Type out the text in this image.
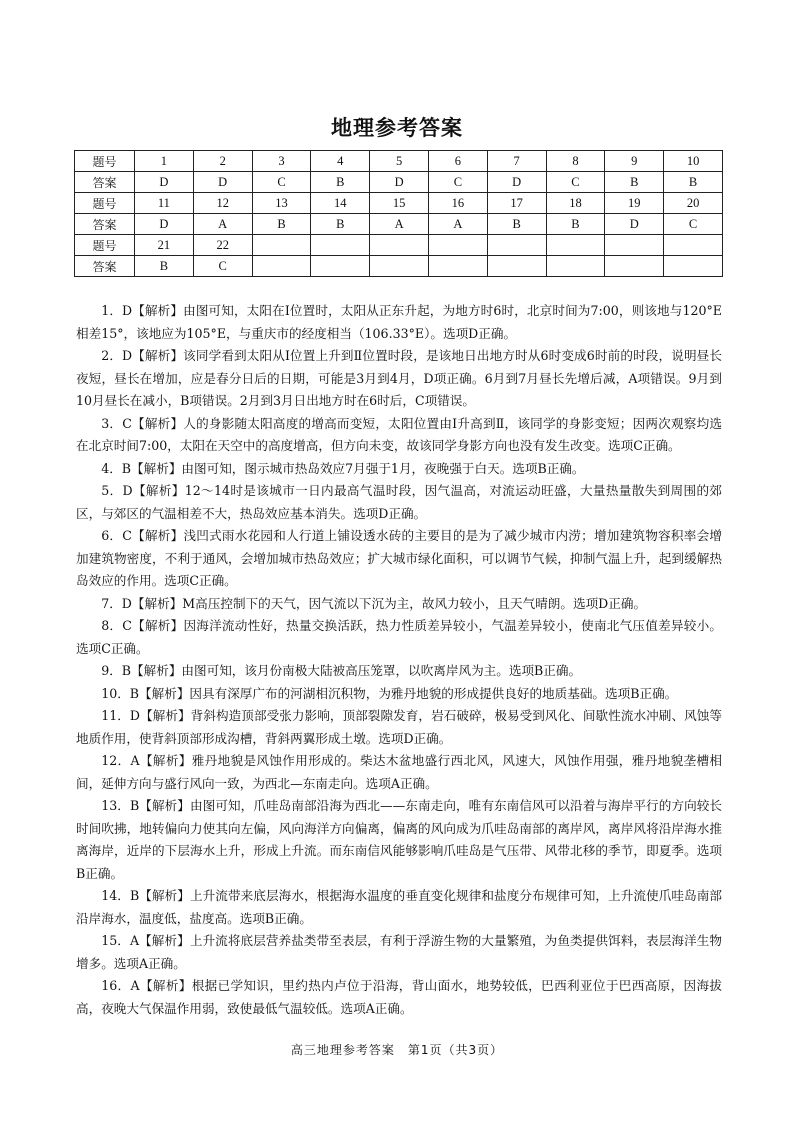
地理参考答案
题号	1	2	3	4	5	6	7	8	9	10
答案	D	D	C	B	D	C	D	C	B	B
题号	11	12	13	14	15	16	17	18	19	20
答案	D	A	B	B	A	A	B	B	D	C
题号	21	22								
答案	B	C								

1．D【解析】由图可知，太阳在Ⅰ位置时，太阳从正东升起，为地方时6时，北京时间为7:00，则该地与120°E相差15°，该地应为105°E，与重庆市的经度相当（106.33°E）。选项D正确。

2．D【解析】该同学看到太阳从Ⅰ位置上升到Ⅱ位置时段，是该地日出地方时从6时变成6时前的时段，说明昼长夜短，昼长在增加，应是春分日后的日期，可能是3月到4月，D项正确。6月到7月昼长先增后减，A项错误。9月到10月昼长在减小，B项错误。2月到3月日出地方时在6时后，C项错误。

3．C【解析】人的身影随太阳高度的增高而变短，太阳位置由Ⅰ升高到Ⅱ，该同学的身影变短；因两次观察均选在北京时间7:00，太阳在天空中的高度增高，但方向未变，故该同学身影方向也没有发生改变。选项C正确。

4．B【解析】由图可知，图示城市热岛效应7月强于1月，夜晚强于白天。选项B正确。

5．D【解析】12～14时是该城市一日内最高气温时段，因气温高，对流运动旺盛，大量热量散失到周围的郊区，与郊区的气温相差不大，热岛效应基本消失。选项D正确。

6．C【解析】浅凹式雨水花园和人行道上铺设透水砖的主要目的是为了减少城市内涝；增加建筑物容积率会增加建筑物密度，不利于通风，会增加城市热岛效应；扩大城市绿化面积，可以调节气候，抑制气温上升，起到缓解热岛效应的作用。选项C正确。

7．D【解析】M高压控制下的天气，因气流以下沉为主，故风力较小，且天气晴朗。选项D正确。

8．C【解析】因海洋流动性好，热量交换活跃，热力性质差异较小，气温差异较小，使南北气压值差异较小。选项C正确。

9．B【解析】由图可知，该月份南极大陆被高压笼罩，以吹离岸风为主。选项B正确。

10．B【解析】因具有深厚广布的河湖相沉积物，为雅丹地貌的形成提供良好的地质基础。选项B正确。

11．D【解析】背斜构造顶部受张力影响，顶部裂隙发育，岩石破碎，极易受到风化、间歇性流水冲刷、风蚀等地质作用，使背斜顶部形成沟槽，背斜两翼形成土墩。选项D正确。

12．A【解析】雅丹地貌是风蚀作用形成的。柴达木盆地盛行西北风，风速大，风蚀作用强，雅丹地貌垄槽相间，延伸方向与盛行风向一致，为西北—东南走向。选项A正确。

13．B【解析】由图可知，爪哇岛南部沿海为西北——东南走向，唯有东南信风可以沿着与海岸平行的方向较长时间吹拂，地转偏向力使其向左偏，风向海洋方向偏离，偏离的风向成为爪哇岛南部的离岸风，离岸风将沿岸海水推离海岸，近岸的下层海水上升，形成上升流。而东南信风能够影响爪哇岛是气压带、风带北移的季节，即夏季。选项B正确。

14．B【解析】上升流带来底层海水，根据海水温度的垂直变化规律和盐度分布规律可知，上升流使爪哇岛南部沿岸海水，温度低，盐度高。选项B正确。

15．A【解析】上升流将底层营养盐类带至表层，有利于浮游生物的大量繁殖，为鱼类提供饵料，表层海洋生物增多。选项A正确。

16．A【解析】根据已学知识，里约热内卢位于沿海，背山面水，地势较低，巴西利亚位于巴西高原，因海拔高，夜晚大气保温作用弱，致使最低气温较低。选项A正确。

高三地理参考答案　第1页（共3页）
